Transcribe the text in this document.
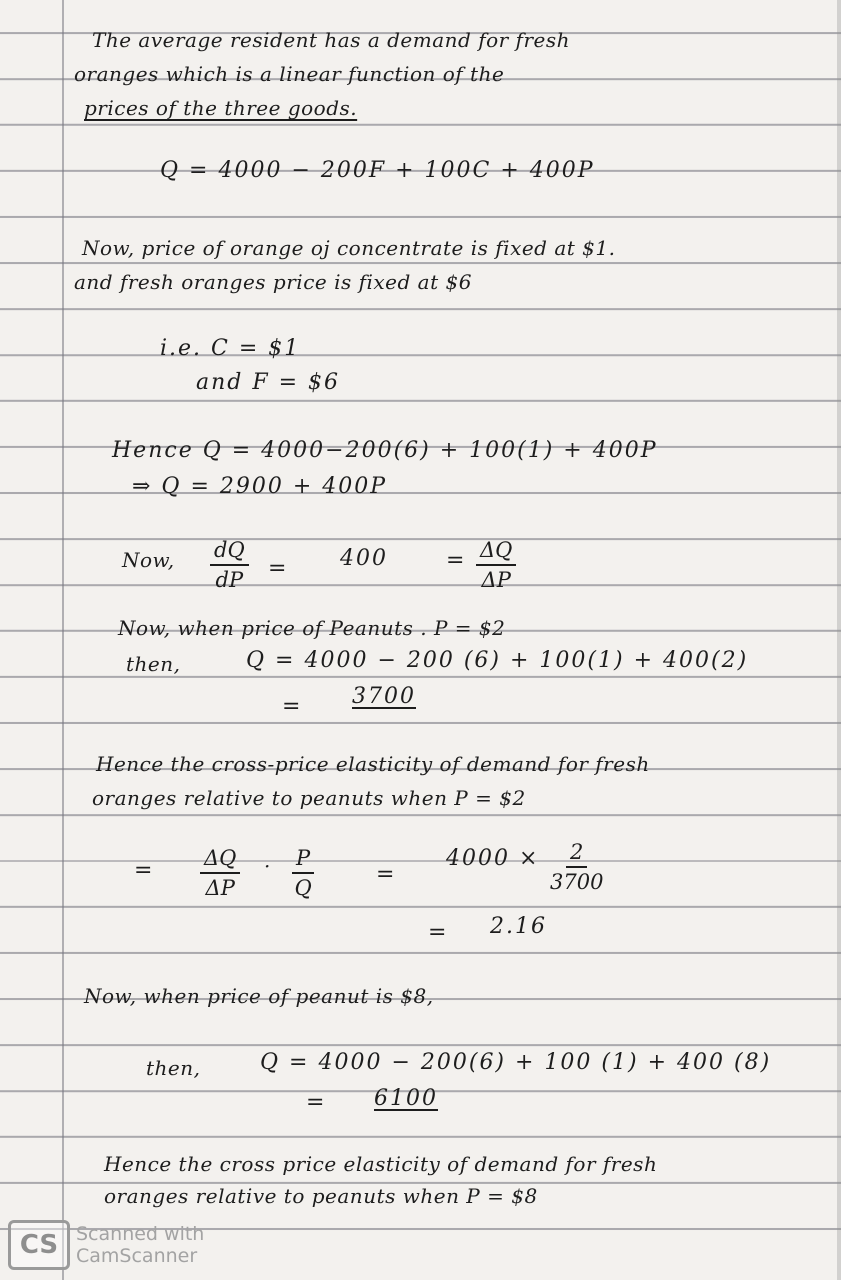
The average resident has a demand for fresh
oranges which is a linear function of the
prices of the three goods.
Q = 4000 − 200F + 100C + 400P
Now, price of orange oj concentrate is fixed at $1.
and fresh oranges price is fixed at $6
i.e. C = $1
and F = $6
Hence Q = 4000−200(6) + 100(1) + 400P
⇒ Q = 2900 + 400P
Now, $\frac{dQ}{dP} = 400$	= $\frac{\Delta Q}{\Delta P}$
Now, when price of Peanuts . P = $2
then,	Q = 4000 − 200 (6) + 100(1) + 400(2)
= 3700
Hence the cross-price elasticity of demand for fresh
oranges relative to peanuts when P = $2
= $\frac{\Delta Q}{\Delta P} \cdot \frac{P}{Q}$	=
$4000 \times \frac{2}{3700}$
= 2.16
Now, when price of peanut is $8,
then,	Q = 4000 − 200(6) + 100 (1) + 400 (8)
= 6100
Hence the cross price elasticity of demand for fresh
oranges relative to peanuts when P = $8
CS Scanned with
CamScanner
